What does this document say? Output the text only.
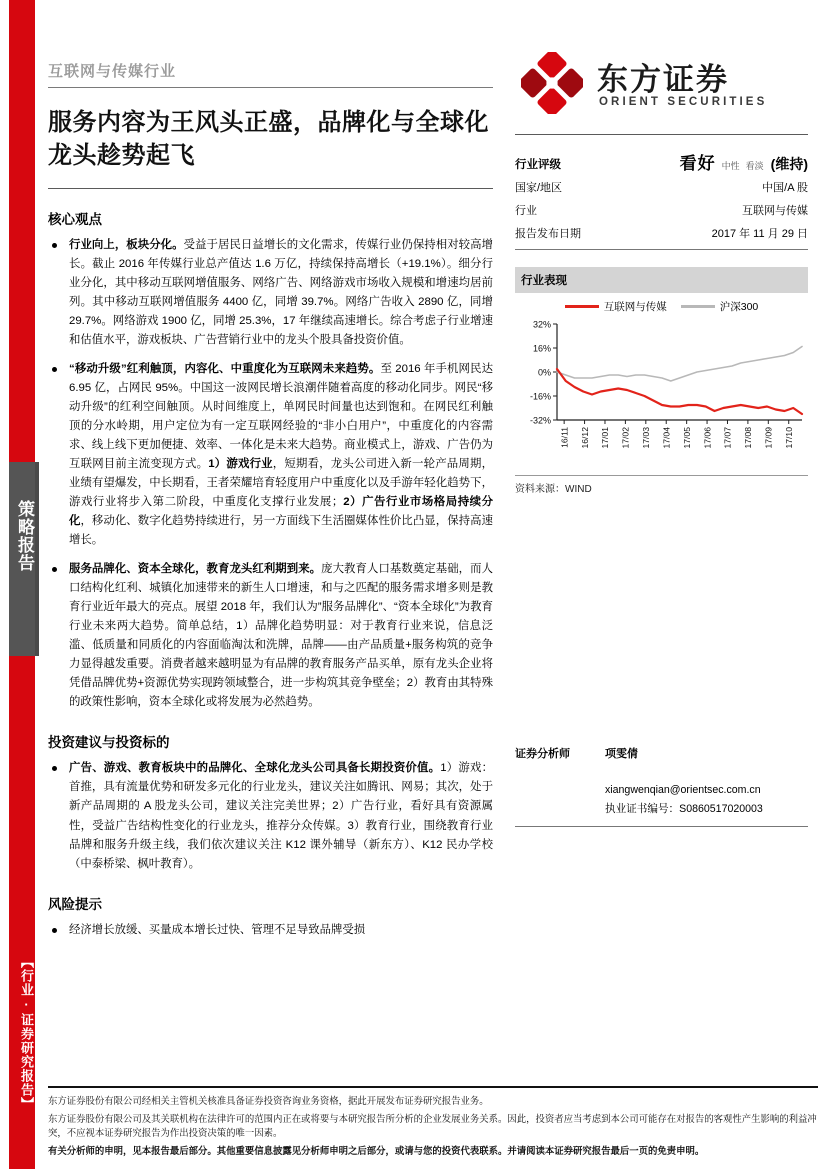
策略报告
【行业·证券研究报告】
互联网与传媒行业
服务内容为王风头正盛，品牌化与全球化龙头趁势起飞
核心观点
行业向上，板块分化。受益于居民日益增长的文化需求，传媒行业仍保持相对较高增长。截止 2016 年传媒行业总产值达 1.6 万亿，持续保持高增长（+19.1%）。细分行业分化，其中移动互联网增值服务、网络广告、网络游戏市场收入规模和增速均居前列。其中移动互联网增值服务 4400 亿，同增 39.7%。网络广告收入 2890 亿，同增 29.7%。网络游戏 1900 亿，同增 25.3%，17 年继续高速增长。综合考虑子行业增速和估值水平，游戏板块、广告营销行业中的龙头个股具备投资价值。
“移动升级”红利触顶，内容化、中重度化为互联网未来趋势。至 2016 年手机网民达 6.95 亿，占网民 95%。中国这一波网民增长浪潮伴随着高度的移动化同步。网民“移动升级”的红利空间触顶。从时间维度上，单网民时间量也达到饱和。在网民红利触顶的分水岭期，用户定位为有一定互联网经验的“非小白用户”，中重度化的内容需求、线上线下更加便捷、效率、一体化是未来大趋势。商业模式上，游戏、广告仍为互联网目前主流变现方式。1）游戏行业，短期看，龙头公司进入新一轮产品周期，业绩有望爆发，中长期看，王者荣耀培育轻度用户中重度化以及手游年轻化趋势下，游戏行业将步入第二阶段，中重度化支撑行业发展；2）广告行业市场格局持续分化，移动化、数字化趋势持续进行，另一方面线下生活圈媒体性价比凸显，保持高速增长。
服务品牌化、资本全球化，教育龙头红利期到来。庞大教育人口基数奠定基础，而人口结构化红利、城镇化加速带来的新生人口增速，和与之匹配的服务需求增多则是教育行业近年最大的亮点。展望 2018 年，我们认为”服务品牌化”、“资本全球化”为教育行业未来两大趋势。简单总结，1）品牌化趋势明显：对于教育行业来说，信息泛滥、低质量和同质化的内容面临淘汰和洗牌，品牌——由产品质量+服务构筑的竞争力显得越发重要。消费者越来越明显为有品牌的教育服务产品买单，原有龙头企业将凭借品牌优势+资源优势实现跨领域整合，进一步构筑其竞争壁垒；2）教育由其特殊的政策性影响，资本全球化或将发展为必然趋势。
投资建议与投资标的
广告、游戏、教育板块中的品牌化、全球化龙头公司具备长期投资价值。1）游戏：首推，具有流量优势和研发多元化的行业龙头，建议关注如腾讯、网易；其次，处于新产品周期的 A 股龙头公司，建议关注完美世界；2）广告行业，看好具有资源属性，受益广告结构性变化的行业龙头，推荐分众传媒。3）教育行业，围绕教育行业品牌和服务升级主线，我们依次建议关注 K12 课外辅导（新东方）、K12 民办学校（中泰桥梁、枫叶教育）。
风险提示
经济增长放缓、买量成本增长过快、管理不足导致品牌受损
东方证券
ORIENT SECURITIES
行业评级	看好 中性 看淡 (维持)
国家/地区	中国/A 股
行业	互联网与传媒
报告发布日期	2017 年 11 月 29 日
行业表现
互联网与传媒	沪深300
32%
16%
0%
-16%
-32%
16/11 16/12 17/01 17/02 17/03 17/04 17/05 17/06 17/07 17/08 17/09 17/10
资料来源：WIND
证券分析师	项雯倩
xiangwenqian@orientsec.com.cn
执业证书编号：S0860517020003

东方证券股份有限公司经相关主管机关核准具备证券投资咨询业务资格，据此开展发布证券研究报告业务。

东方证券股份有限公司及其关联机构在法律许可的范围内正在或将要与本研究报告所分析的企业发展业务关系。因此，投资者应当考虑到本公司可能存在对报告的客观性产生影响的利益冲突，不应视本证券研究报告为作出投资决策的唯一因素。

有关分析师的申明，见本报告最后部分。其他重要信息披露见分析师申明之后部分，或请与您的投资代表联系。并请阅读本证券研究报告最后一页的免责申明。
